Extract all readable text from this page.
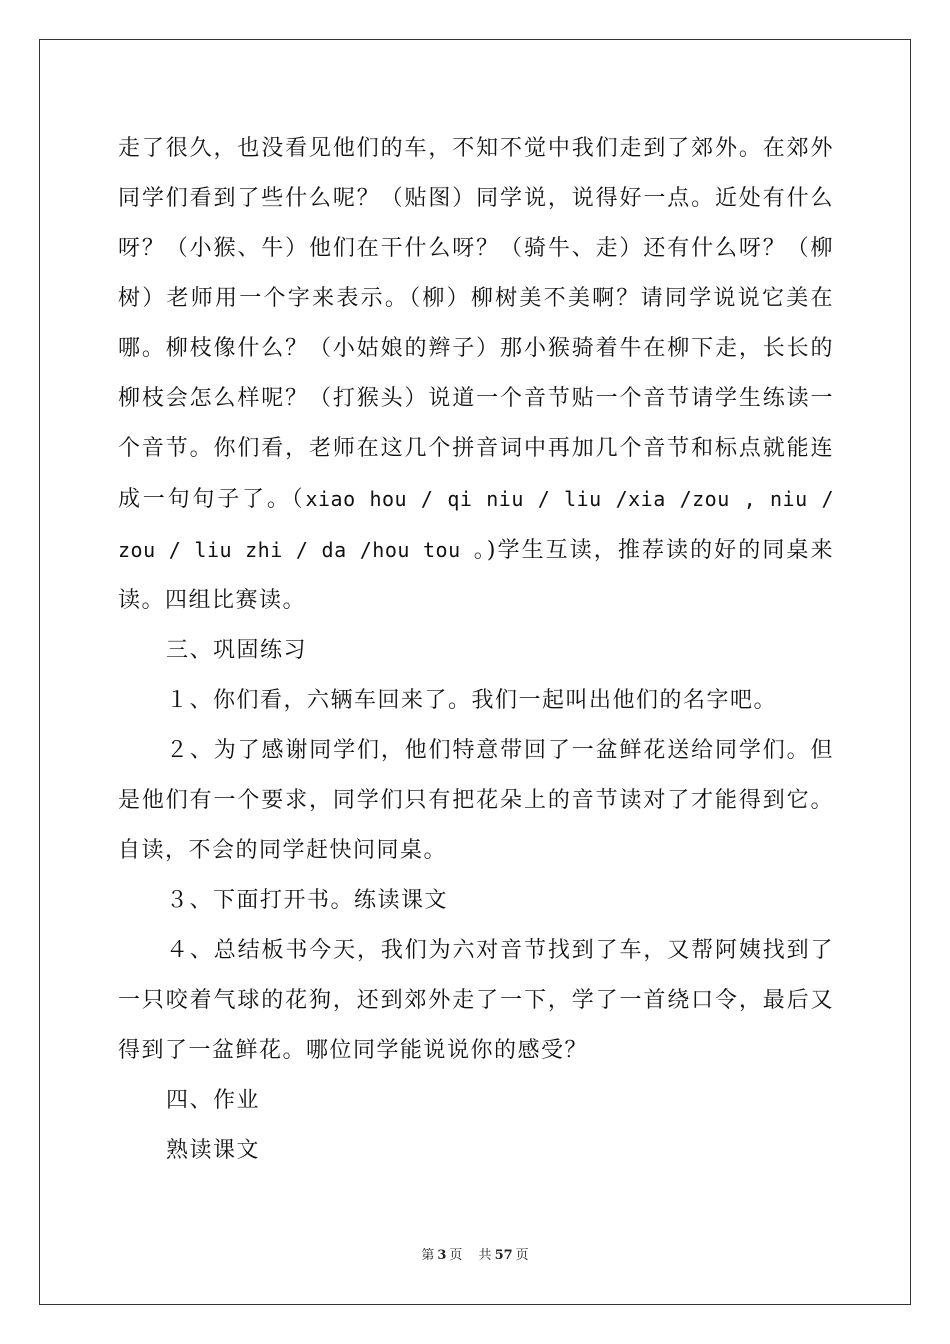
走了很久，也没看见他们的车，不知不觉中我们走到了郊外。在郊外同学们看到了些什么呢？（贴图）同学说，说得好一点。近处有什么呀？（小猴、牛）他们在干什么呀？（骑牛、走）还有什么呀？（柳树）老师用一个字来表示。（柳）柳树美不美啊？请同学说说它美在哪。柳枝像什么？（小姑娘的辫子）那小猴骑着牛在柳下走，长长的柳枝会怎么样呢？（打猴头）说道一个音节贴一个音节请学生练读一个音节。你们看，老师在这几个拼音词中再加几个音节和标点就能连成一句句子了。（xiao hou / qi niu / liu /xia /zou , niu / zou / liu zhi / da /hou tou 。)学生互读，推荐读的好的同桌来读。四组比赛读。

三、巩固练习

１、你们看，六辆车回来了。我们一起叫出他们的名字吧。

２、为了感谢同学们，他们特意带回了一盆鲜花送给同学们。但是他们有一个要求，同学们只有把花朵上的音节读对了才能得到它。自读，不会的同学赶快问同桌。

３、下面打开书。练读课文

４、总结板书今天，我们为六对音节找到了车，又帮阿姨找到了一只咬着气球的花狗，还到郊外走了一下，学了一首绕口令，最后又得到了一盆鲜花。哪位同学能说说你的感受？

四、作业

熟读课文

第 3 页 共 57 页
